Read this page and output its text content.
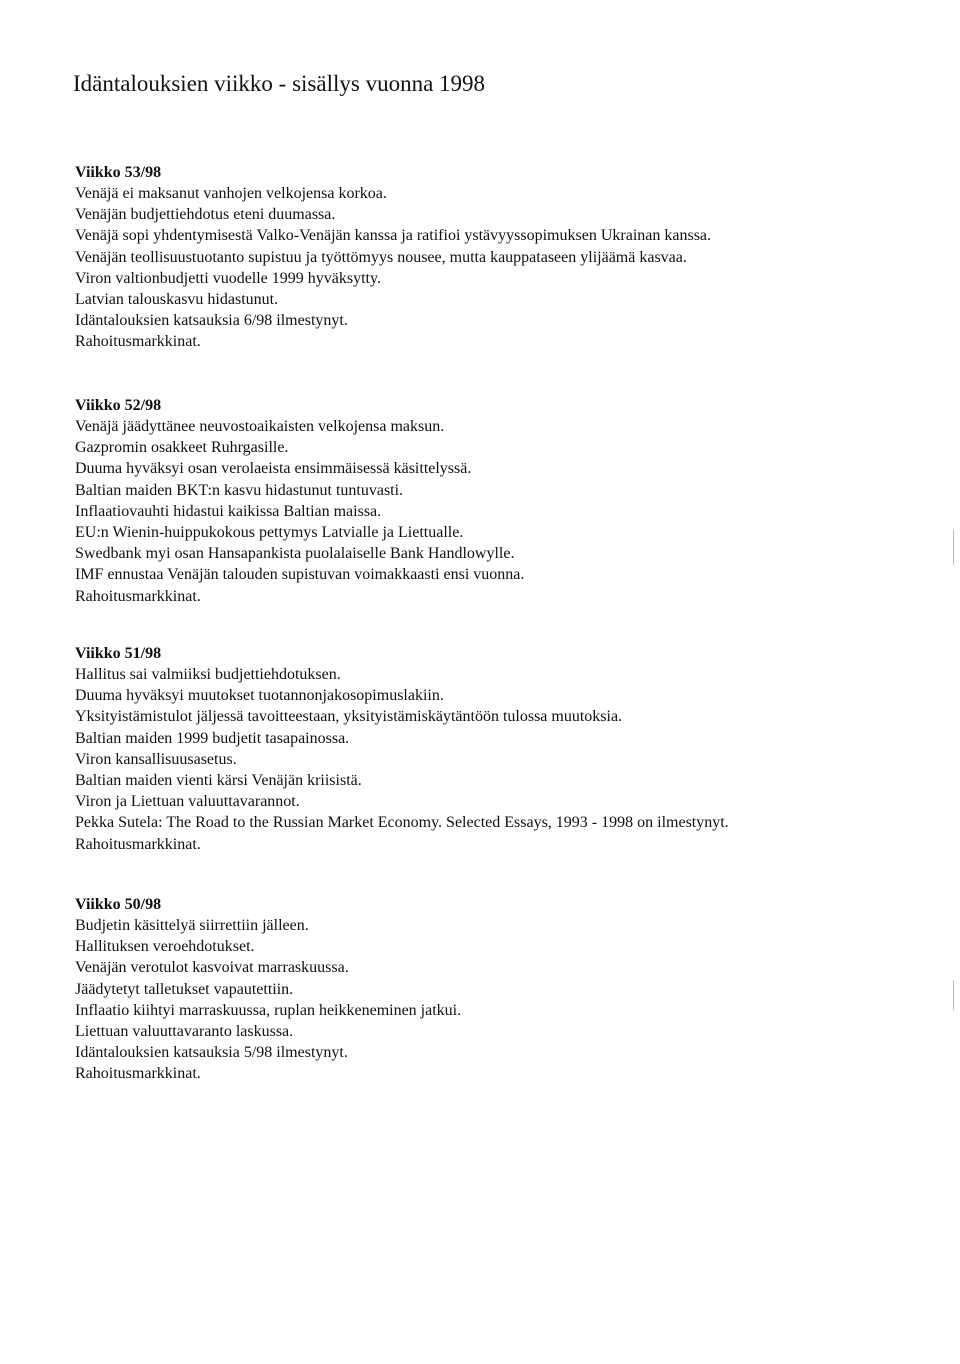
Idäntalouksien viikko - sisällys vuonna 1998
Viikko 53/98
Venäjä ei maksanut vanhojen velkojensa korkoa.
Venäjän budjettiehdotus eteni duumassa.
Venäjä sopi yhdentymisestä Valko-Venäjän kanssa ja ratifioi ystävyyssopimuksen Ukrainan kanssa.
Venäjän teollisuustuotanto supistuu ja työttömyys nousee, mutta kauppataseen ylijäämä kasvaa.
Viron valtionbudjetti vuodelle 1999 hyväksytty.
Latvian talouskasvu hidastunut.
Idäntalouksien katsauksia 6/98 ilmestynyt.
Rahoitusmarkkinat.
Viikko 52/98
Venäjä jäädyttänee neuvostoaikaisten velkojensa maksun.
Gazpromin osakkeet Ruhrgasille.
Duuma hyväksyi osan verolaeista ensimmäisessä käsittelyssä.
Baltian maiden BKT:n kasvu hidastunut tuntuvasti.
Inflaatiovauhti hidastui kaikissa Baltian maissa.
EU:n Wienin-huippukokous pettymys Latvialle ja Liettualle.
Swedbank myi osan Hansapankista puolalaiselle Bank Handlowylle.
IMF ennustaa Venäjän talouden supistuvan voimakkaasti ensi vuonna.
Rahoitusmarkkinat.
Viikko 51/98
Hallitus sai valmiiksi budjettiehdotuksen.
Duuma hyväksyi muutokset tuotannonjakosopimuslakiin.
Yksityistämistulot jäljessä tavoitteestaan, yksityistämiskäytäntöön tulossa muutoksia.
Baltian maiden 1999 budjetit tasapainossa.
Viron kansallisuusasetus.
Baltian maiden vienti kärsi Venäjän kriisistä.
Viron ja Liettuan valuuttavarannot.
Pekka Sutela: The Road to the Russian Market Economy. Selected Essays, 1993 - 1998 on ilmestynyt.
Rahoitusmarkkinat.
Viikko 50/98
Budjetin käsittelyä siirrettiin jälleen.
Hallituksen veroehdotukset.
Venäjän verotulot kasvoivat marraskuussa.
Jäädytetyt talletukset vapautettiin.
Inflaatio kiihtyi marraskuussa, ruplan heikkeneminen jatkui.
Liettuan valuuttavaranto laskussa.
Idäntalouksien katsauksia 5/98 ilmestynyt.
Rahoitusmarkkinat.
